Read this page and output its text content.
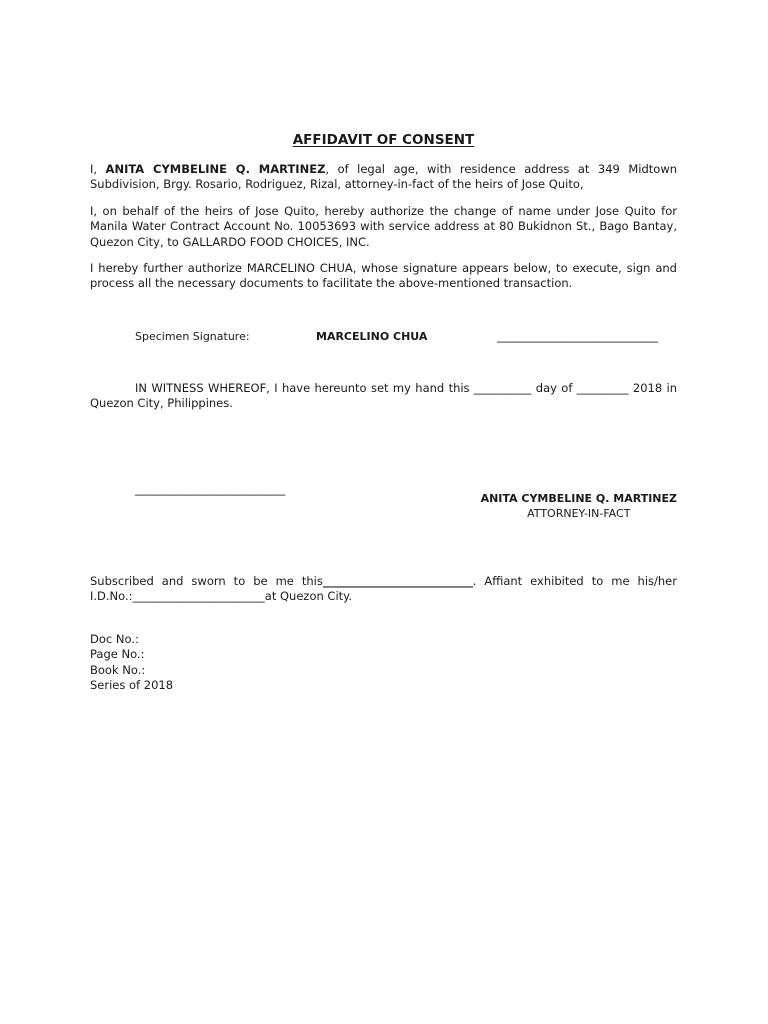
AFFIDAVIT OF CONSENT

I, ANITA CYMBELINE Q. MARTINEZ, of legal age, with residence address at 349 Midtown Subdivision, Brgy. Rosario, Rodriguez, Rizal, attorney-in-fact of the heirs of Jose Quito,

I, on behalf of the heirs of Jose Quito, hereby authorize the change of name under Jose Quito for Manila Water Contract Account No. 10053693 with service address at 80 Bukidnon St., Bago Bantay, Quezon City, to GALLARDO FOOD CHOICES, INC.

I hereby further authorize MARCELINO CHUA, whose signature appears below, to execute, sign and process all the necessary documents to facilitate the above-mentioned transaction.

Specimen Signature:	MARCELINO CHUA	______________________________

IN WITNESS WHEREOF, I have hereunto set my hand this __________ day of _________ 2018 in Quezon City, Philippines.

____________________________
ANITA CYMBELINE Q. MARTINEZ
ATTORNEY-IN-FACT

Subscribed and sworn to be me this____________________________. Affiant exhibited to me his/her I.D.No.:_______________________at Quezon City.

Doc No.:
Page No.:
Book No.:
Series of 2018
